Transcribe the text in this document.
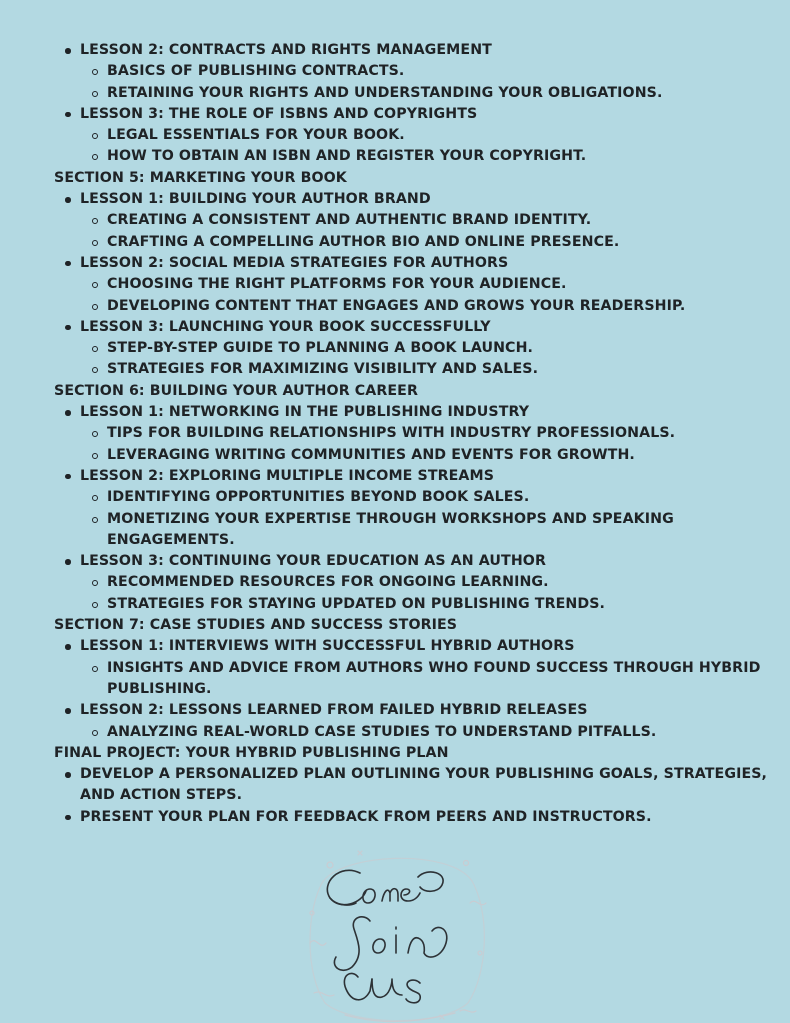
LESSON 2: CONTRACTS AND RIGHTS MANAGEMENT
BASICS OF PUBLISHING CONTRACTS.
RETAINING YOUR RIGHTS AND UNDERSTANDING YOUR OBLIGATIONS.
LESSON 3: THE ROLE OF ISBNS AND COPYRIGHTS
LEGAL ESSENTIALS FOR YOUR BOOK.
HOW TO OBTAIN AN ISBN AND REGISTER YOUR COPYRIGHT.
SECTION 5: MARKETING YOUR BOOK
LESSON 1: BUILDING YOUR AUTHOR BRAND
CREATING A CONSISTENT AND AUTHENTIC BRAND IDENTITY.
CRAFTING A COMPELLING AUTHOR BIO AND ONLINE PRESENCE.
LESSON 2: SOCIAL MEDIA STRATEGIES FOR AUTHORS
CHOOSING THE RIGHT PLATFORMS FOR YOUR AUDIENCE.
DEVELOPING CONTENT THAT ENGAGES AND GROWS YOUR READERSHIP.
LESSON 3: LAUNCHING YOUR BOOK SUCCESSFULLY
STEP-BY-STEP GUIDE TO PLANNING A BOOK LAUNCH.
STRATEGIES FOR MAXIMIZING VISIBILITY AND SALES.
SECTION 6: BUILDING YOUR AUTHOR CAREER
LESSON 1: NETWORKING IN THE PUBLISHING INDUSTRY
TIPS FOR BUILDING RELATIONSHIPS WITH INDUSTRY PROFESSIONALS.
LEVERAGING WRITING COMMUNITIES AND EVENTS FOR GROWTH.
LESSON 2: EXPLORING MULTIPLE INCOME STREAMS
IDENTIFYING OPPORTUNITIES BEYOND BOOK SALES.
MONETIZING YOUR EXPERTISE THROUGH WORKSHOPS AND SPEAKING ENGAGEMENTS.
LESSON 3: CONTINUING YOUR EDUCATION AS AN AUTHOR
RECOMMENDED RESOURCES FOR ONGOING LEARNING.
STRATEGIES FOR STAYING UPDATED ON PUBLISHING TRENDS.
SECTION 7: CASE STUDIES AND SUCCESS STORIES
LESSON 1: INTERVIEWS WITH SUCCESSFUL HYBRID AUTHORS
INSIGHTS AND ADVICE FROM AUTHORS WHO FOUND SUCCESS THROUGH HYBRID PUBLISHING.
LESSON 2: LESSONS LEARNED FROM FAILED HYBRID RELEASES
ANALYZING REAL-WORLD CASE STUDIES TO UNDERSTAND PITFALLS.
FINAL PROJECT: YOUR HYBRID PUBLISHING PLAN
DEVELOP A PERSONALIZED PLAN OUTLINING YOUR PUBLISHING GOALS, STRATEGIES, AND ACTION STEPS.
PRESENT YOUR PLAN FOR FEEDBACK FROM PEERS AND INSTRUCTORS.
